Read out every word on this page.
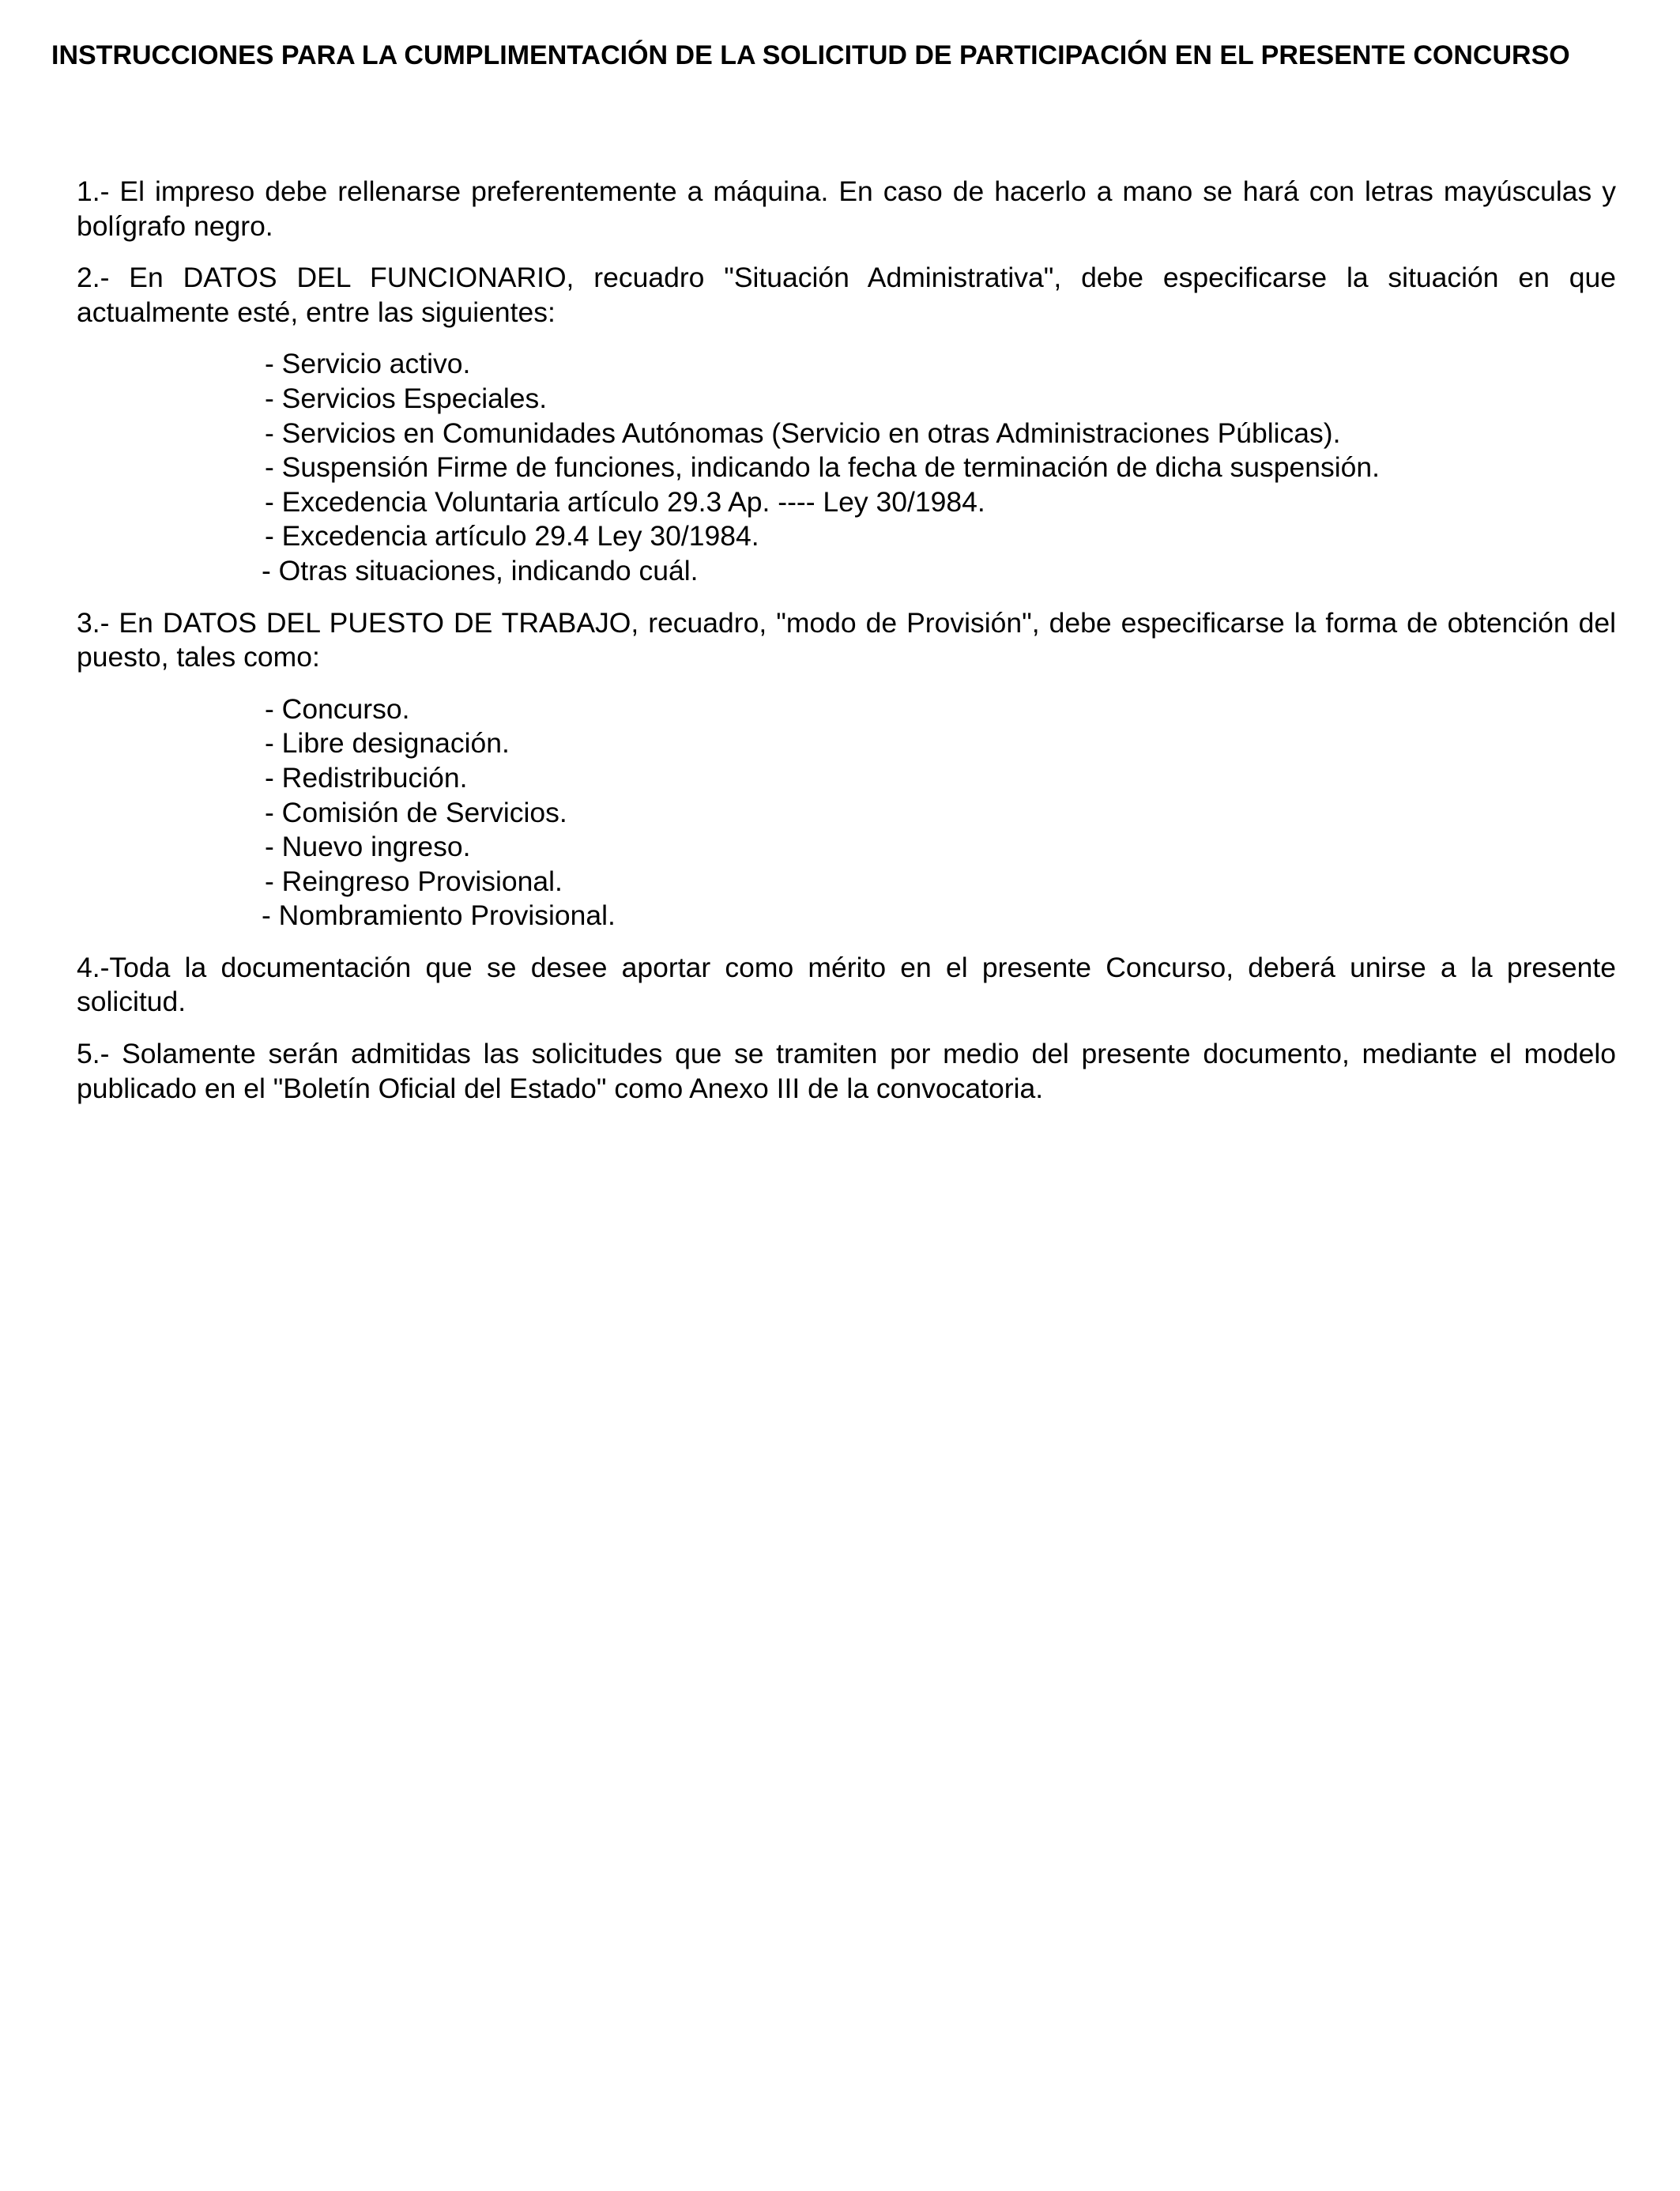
INSTRUCCIONES PARA LA CUMPLIMENTACIÓN DE LA SOLICITUD DE PARTICIPACIÓN EN EL PRESENTE CONCURSO

1.- El impreso debe rellenarse preferentemente a máquina. En caso de hacerlo a mano se hará con letras mayúsculas y bolígrafo negro.

2.- En DATOS DEL FUNCIONARIO, recuadro "Situación Administrativa", debe especificarse la situación en que actualmente esté, entre las siguientes:

- Servicio activo.
- Servicios Especiales.
- Servicios en Comunidades Autónomas (Servicio en otras Administraciones Públicas).
- Suspensión Firme de funciones, indicando la fecha de terminación de dicha suspensión.
- Excedencia Voluntaria artículo 29.3 Ap. ---- Ley 30/1984.
- Excedencia artículo 29.4 Ley 30/1984.
- Otras situaciones, indicando cuál.

3.- En DATOS DEL PUESTO DE TRABAJO, recuadro, "modo de Provisión", debe especificarse la forma de obtención del puesto, tales como:

- Concurso.
- Libre designación.
- Redistribución.
- Comisión de Servicios.
- Nuevo ingreso.
- Reingreso Provisional.
- Nombramiento Provisional.

4.-Toda la documentación que se desee aportar como mérito en el presente Concurso, deberá unirse a la presente solicitud.

5.- Solamente serán admitidas las solicitudes que se tramiten por medio del presente documento, mediante el modelo publicado en el "Boletín Oficial del Estado" como Anexo III de la convocatoria.
